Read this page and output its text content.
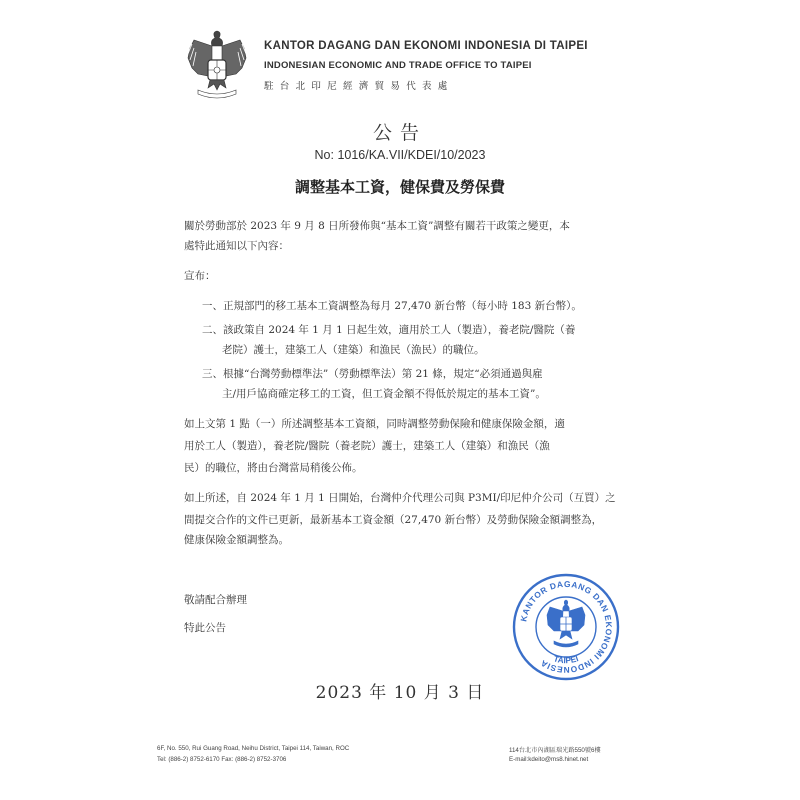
KANTOR DAGANG DAN EKONOMI INDONESIA DI TAIPEI
INDONESIAN ECONOMIC AND TRADE OFFICE TO TAIPEI
駐台北印尼經濟貿易代表處
公告
No: 1016/KA.VII/KDEI/10/2023
調整基本工資，健保費及勞保費
關於勞動部於 2023 年 9 月 8 日所發佈與“基本工資”調整有關若干政策之變更，本
處特此通知以下內容：
宣布：
一、正規部門的移工基本工資調整為每月 27,470 新台幣（每小時 183 新台幣）。
二、該政策自 2024 年 1 月 1 日起生效，適用於工人（製造），養老院/醫院（養
老院）護士，建築工人（建築）和漁民（漁民）的職位。
三、根據“台灣勞動標準法”（勞動標準法）第 21 條，規定“必須通過與雇
主/用戶協商確定移工的工資，但工資金額不得低於規定的基本工資”。
如上文第 1 點（一）所述調整基本工資額，同時調整勞動保險和健康保險金額，適
用於工人（製造），養老院/醫院（養老院）護士，建築工人（建築）和漁民（漁
民）的職位，將由台灣當局稍後公佈。
如上所述，自 2024 年 1 月 1 日開始，台灣仲介代理公司與 P3MI/印尼仲介公司（互買）之
間提交合作的文件已更新，最新基本工資金額（27,470 新台幣）及勞動保險金額調整為，
健康保險金額調整為。
敬請配合辦理
特此公告
KANTOR DAGANG DAN EKONOMI INDONESIA TAIPEI
2023 年 10 月 3 日
6F, No. 550, Rui Guang Road, Neihu District, Taipei 114, Taiwan, ROC
Tel: (886-2) 8752-6170 Fax: (886-2) 8752-3706
114台北市內湖區瑞光路550號6樓
E-mail:kdeito@ms8.hinet.net
